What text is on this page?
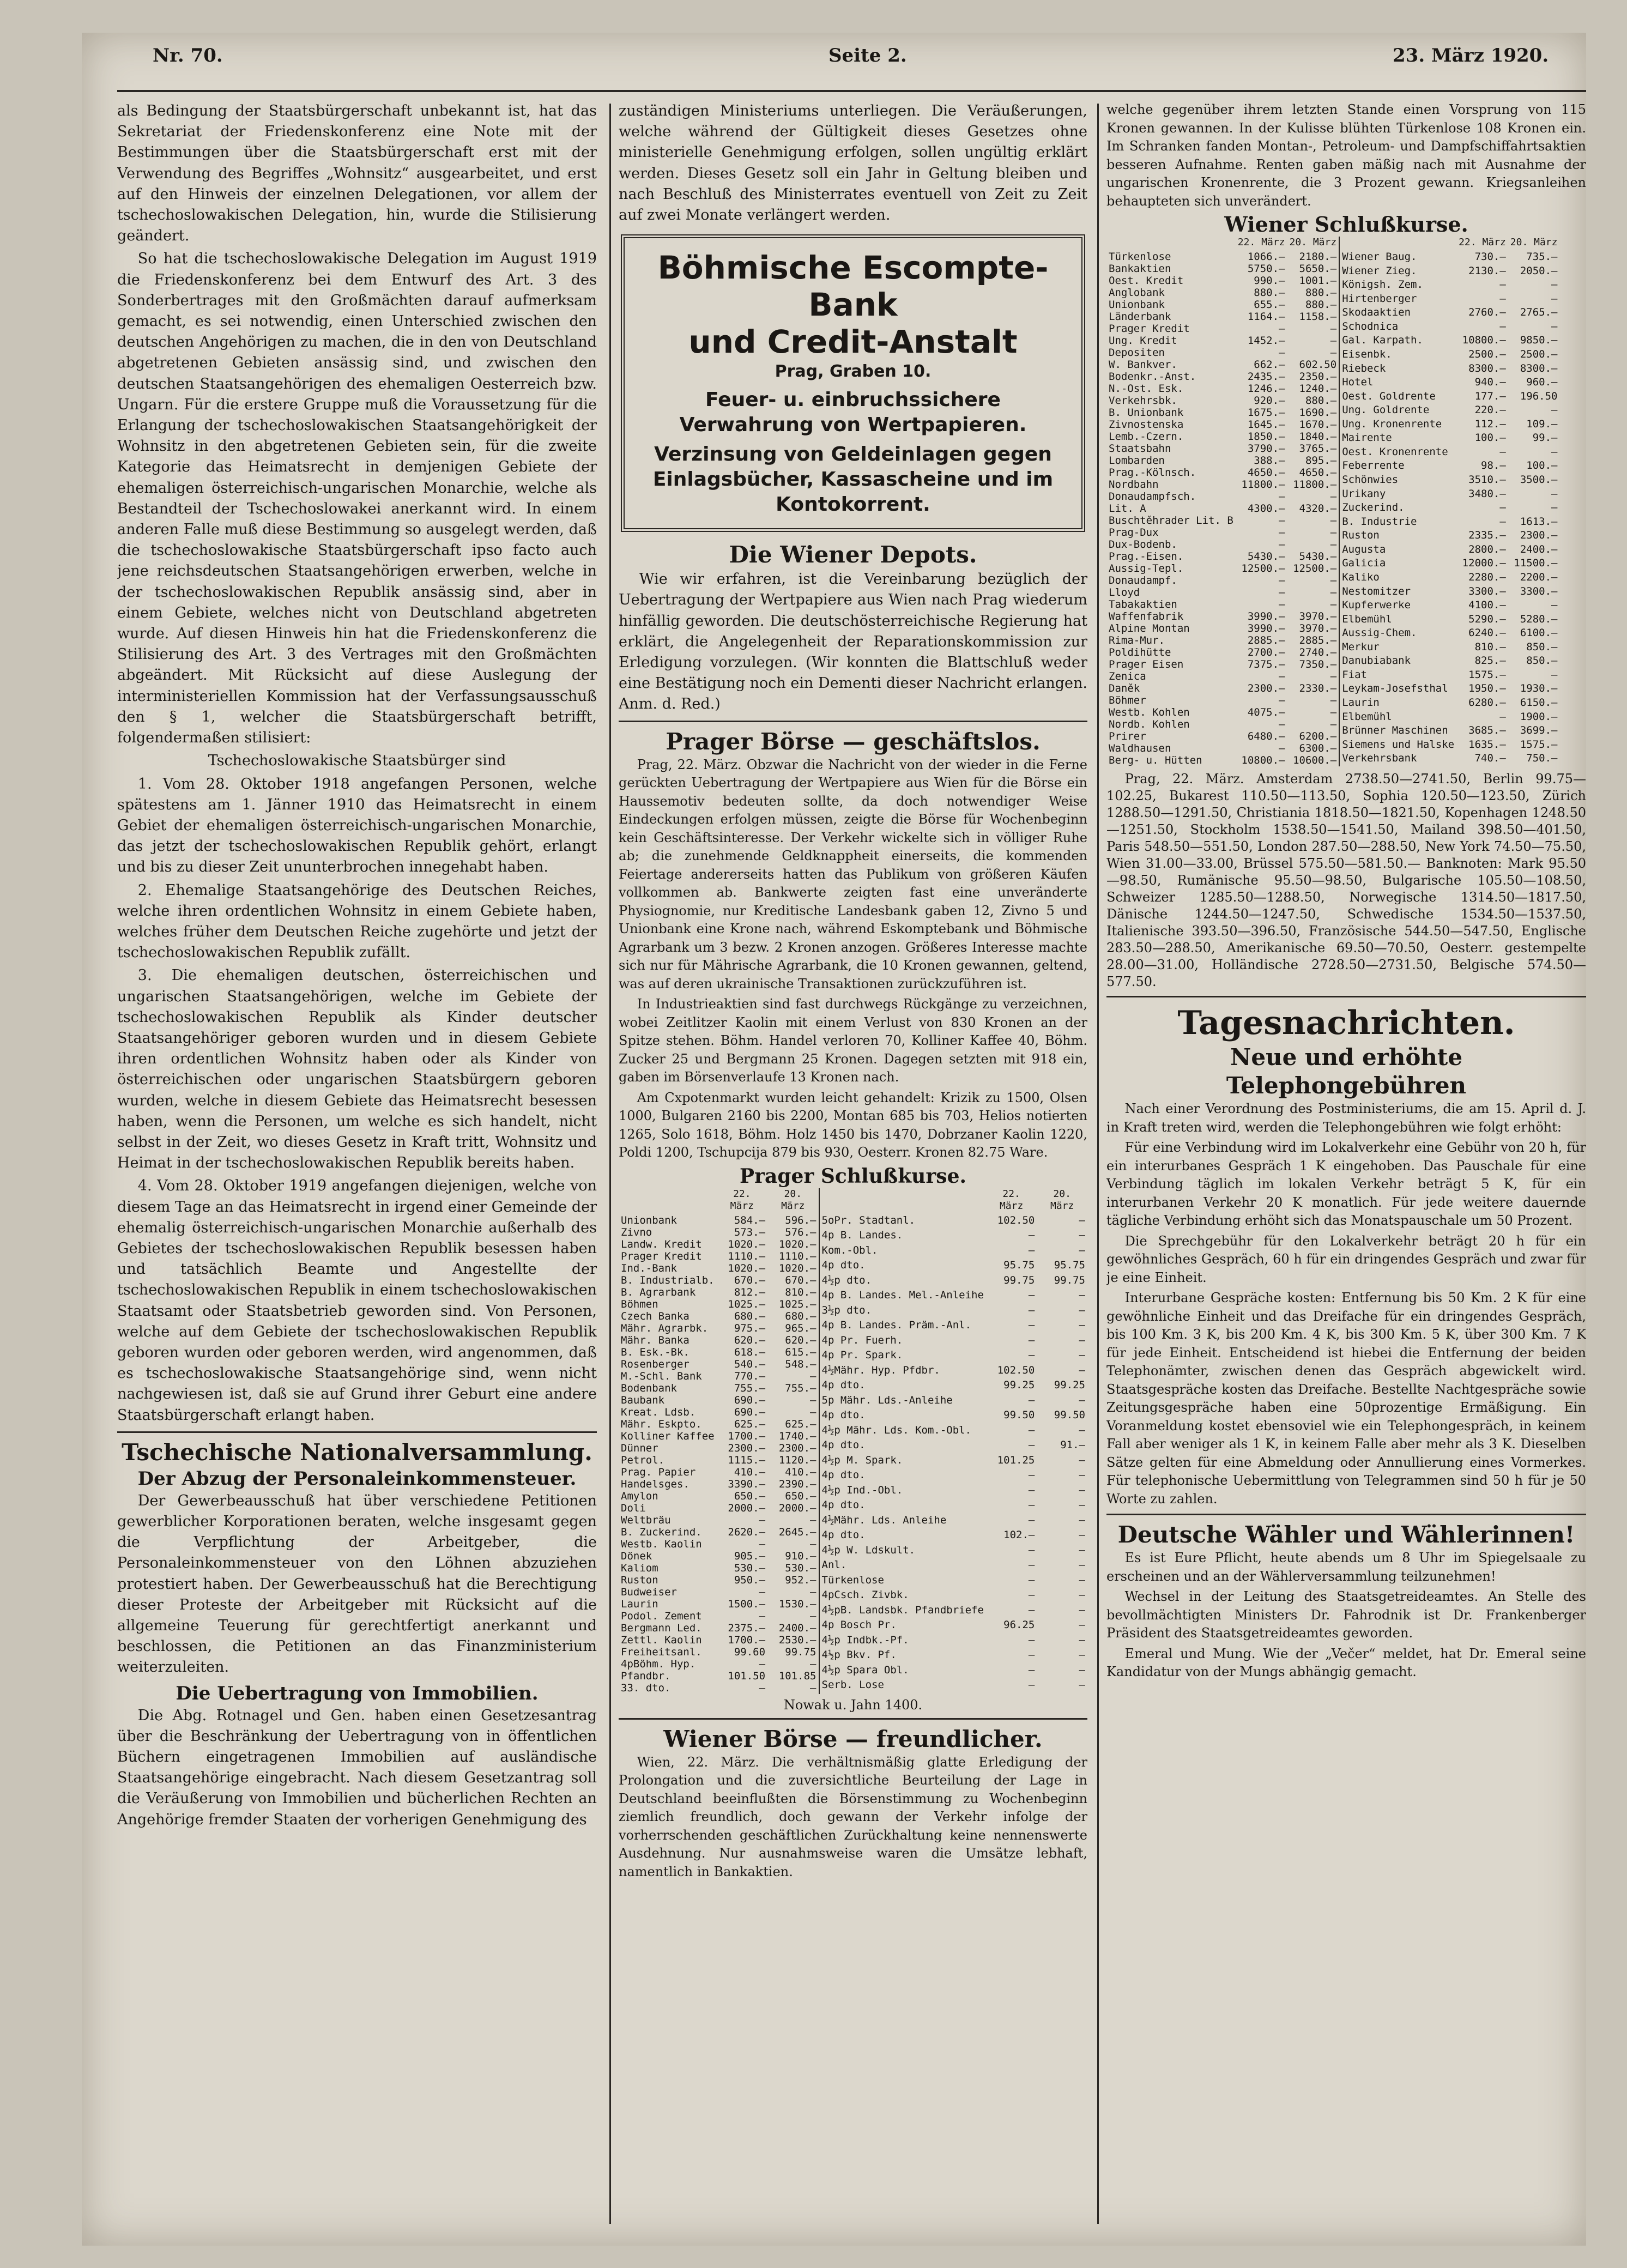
Nr. 70.	Seite 2.	23. März 1920.

als Bedingung der Staatsbürgerschaft unbekannt ist, hat das Sekretariat der Friedenskonferenz eine Note mit der Bestimmungen über die Staatsbürgerschaft erst mit der Verwendung des Begriffes „Wohnsitz“ ausgearbeitet, und erst auf den Hinweis der einzelnen Delegationen, vor allem der tschechoslowakischen Delegation, hin, wurde die Stilisierung geändert.

So hat die tschechoslowakische Delegation im August 1919 die Friedenskonferenz bei dem Entwurf des Art. 3 des Sonderbertrages mit den Großmächten darauf aufmerksam gemacht, es sei notwendig, einen Unterschied zwischen den deutschen Angehörigen zu machen, die in den von Deutschland abgetretenen Gebieten ansässig sind, und zwischen den deutschen Staatsangehörigen des ehemaligen Oesterreich bzw. Ungarn. Für die erstere Gruppe muß die Voraussetzung für die Erlangung der tschechoslowakischen Staatsangehörigkeit der Wohnsitz in den abgetretenen Gebieten sein, für die zweite Kategorie das Heimatsrecht in demjenigen Gebiete der ehemaligen österreichisch-ungarischen Monarchie, welche als Bestandteil der Tschechoslowakei anerkannt wird. In einem anderen Falle muß diese Bestimmung so ausgelegt werden, daß die tschechoslowakische Staatsbürgerschaft ipso facto auch jene reichsdeutschen Staatsangehörigen erwerben, welche in der tschechoslowakischen Republik ansässig sind, aber in einem Gebiete, welches nicht von Deutschland abgetreten wurde. Auf diesen Hinweis hin hat die Friedenskonferenz die Stilisierung des Art. 3 des Vertrages mit den Großmächten abgeändert. Mit Rücksicht auf diese Auslegung der interministeriellen Kommission hat der Verfassungsausschuß den § 1, welcher die Staatsbürgerschaft betrifft, folgendermaßen stilisiert:

Tschechoslowakische Staatsbürger sind

1. Vom 28. Oktober 1918 angefangen Personen, welche spätestens am 1. Jänner 1910 das Heimatsrecht in einem Gebiet der ehemaligen österreichisch-ungarischen Monarchie, das jetzt der tschechoslowakischen Republik gehört, erlangt und bis zu dieser Zeit ununterbrochen innegehabt haben.

2. Ehemalige Staatsangehörige des Deutschen Reiches, welche ihren ordentlichen Wohnsitz in einem Gebiete haben, welches früher dem Deutschen Reiche zugehörte und jetzt der tschechoslowakischen Republik zufällt.

3. Die ehemaligen deutschen, österreichischen und ungarischen Staatsangehörigen, welche im Gebiete der tschechoslowakischen Republik als Kinder deutscher Staatsangehöriger geboren wurden und in diesem Gebiete ihren ordentlichen Wohnsitz haben oder als Kinder von österreichischen oder ungarischen Staatsbürgern geboren wurden, welche in diesem Gebiete das Heimatsrecht besessen haben, wenn die Personen, um welche es sich handelt, nicht selbst in der Zeit, wo dieses Gesetz in Kraft tritt, Wohnsitz und Heimat in der tschechoslowakischen Republik bereits haben.

4. Vom 28. Oktober 1919 angefangen diejenigen, welche von diesem Tage an das Heimatsrecht in irgend einer Gemeinde der ehemalig österreichisch-ungarischen Monarchie außerhalb des Gebietes der tschechoslowakischen Republik besessen haben und tatsächlich Beamte und Angestellte der tschechoslowakischen Republik in einem tschechoslowakischen Staatsamt oder Staatsbetrieb geworden sind. Von Personen, welche auf dem Gebiete der tschechoslowakischen Republik geboren wurden oder geboren werden, wird angenommen, daß es tschechoslowakische Staatsangehörige sind, wenn nicht nachgewiesen ist, daß sie auf Grund ihrer Geburt eine andere Staatsbürgerschaft erlangt haben.

Tschechische Nationalversammlung.
Der Abzug der Personaleinkommensteuer.

Der Gewerbeausschuß hat über verschiedene Petitionen gewerblicher Korporationen beraten, welche insgesamt gegen die Verpflichtung der Arbeitgeber, die Personaleinkommensteuer von den Löhnen abzuziehen protestiert haben. Der Gewerbeausschuß hat die Berechtigung dieser Proteste der Arbeitgeber mit Rücksicht auf die allgemeine Teuerung für gerechtfertigt anerkannt und beschlossen, die Petitionen an das Finanzministerium weiterzuleiten.

Die Uebertragung von Immobilien.

Die Abg. Rotnagel und Gen. haben einen Gesetzesantrag über die Beschränkung der Uebertragung von in öffentlichen Büchern eingetragenen Immobilien auf ausländische Staatsangehörige eingebracht. Nach diesem Gesetzantrag soll die Veräußerung von Immobilien und bücherlichen Rechten an Angehörige fremder Staaten der vorherigen Genehmigung des

zuständigen Ministeriums unterliegen. Die Veräußerungen, welche während der Gültigkeit dieses Gesetzes ohne ministerielle Genehmigung erfolgen, sollen ungültig erklärt werden. Dieses Gesetz soll ein Jahr in Geltung bleiben und nach Beschluß des Ministerrates eventuell von Zeit zu Zeit auf zwei Monate verlängert werden.

Böhmische Escompte-Bank
und Credit-Anstalt
Prag, Graben 10.
Feuer- u. einbruchssichere Verwahrung von Wertpapieren.
Verzinsung von Geldeinlagen gegen Einlagsbücher, Kassascheine und im Kontokorrent.
Die Wiener Depots.

Wie wir erfahren, ist die Vereinbarung bezüglich der Uebertragung der Wertpapiere aus Wien nach Prag wiederum hinfällig geworden. Die deutschösterreichische Regierung hat erklärt, die Angelegenheit der Reparationskommission zur Erledigung vorzulegen. (Wir konnten die Blattschluß weder eine Bestätigung noch ein Dementi dieser Nachricht erlangen. Anm. d. Red.)

Prager Börse — geschäftslos.

Prag, 22. März. Obzwar die Nachricht von der wieder in die Ferne gerückten Uebertragung der Wertpapiere aus Wien für die Börse ein Haussemotiv bedeuten sollte, da doch notwendiger Weise Eindeckungen erfolgen müssen, zeigte die Börse für Wochenbeginn kein Geschäftsinteresse. Der Verkehr wickelte sich in völliger Ruhe ab; die zunehmende Geldknappheit einerseits, die kommenden Feiertage andererseits hatten das Publikum von größeren Käufen vollkommen ab. Bankwerte zeigten fast eine unveränderte Physiognomie, nur Kreditische Landesbank gaben 12, Zivno 5 und Unionbank eine Krone nach, während Eskomptebank und Böhmische Agrarbank um 3 bezw. 2 Kronen anzogen. Größeres Interesse machte sich nur für Mährische Agrarbank, die 10 Kronen gewannen, geltend, was auf deren ukrainische Transaktionen zurückzuführen ist.

In Industrieaktien sind fast durchwegs Rückgänge zu verzeichnen, wobei Zeitlitzer Kaolin mit einem Verlust von 830 Kronen an der Spitze stehen. Böhm. Handel verloren 70, Kolliner Kaffee 40, Böhm. Zucker 25 und Bergmann 25 Kronen. Dagegen setzten mit 918 ein, gaben im Börsenverlaufe 13 Kronen nach.

Am Cxpotenmarkt wurden leicht gehandelt: Krizik zu 1500, Olsen 1000, Bulgaren 2160 bis 2200, Montan 685 bis 703, Helios notierten 1265, Solo 1618, Böhm. Holz 1450 bis 1470, Dobrzaner Kaolin 1220, Poldi 1200, Tschupcija 879 bis 930, Oesterr. Kronen 82.75 Ware.

Prager Schlußkurse.
	22. März	20. März
Unionbank	584.—	596.—
Zivno	573.—	576.—
Landw. Kredit	1020.—	1020.—
Prager Kredit	1110.—	1110.—
Ind.-Bank	1020.—	1020.—
B. Industrialb.	670.—	670.—
B. Agrarbank	812.—	810.—
Böhmen	1025.—	1025.—
Czech Banka	680.—	680.—
Mähr. Agrarbk.	975.—	965.—
Mähr. Banka	620.—	620.—
B. Esk.-Bk.	618.—	615.—
Rosenberger	540.—	548.—
M.-Schl. Bank	770.—	—
Bodenbank	755.—	755.—
Baubank	690.—	—
Kreat. Ldsb.	690.—	—
Mähr. Eskpto.	625.—	625.—
Kolliner Kaffee	1700.—	1740.—
Dünner	2300.—	2300.—
Petrol.	1115.—	1120.—
Prag. Papier	410.—	410.—
Handelsges.	3390.—	2390.—
Amylon	650.—	650.—
Doli	2000.—	2000.—
Weltbräu	—	—
B. Zuckerind.	2620.—	2645.—
Westb. Kaolin	—	—
Dönek	905.—	910.—
Kaliom	530.—	530.—
Ruston	950.—	952.—
Budweiser	—	—
Laurin	1500.—	1530.—
Podol. Zement	—	—
Bergmann Led.	2375.—	2400.—
Zettl. Kaolin	1700.—	2530.—
Freiheitsanl.	99.60	99.75
4pBöhm. Hyp.	—	—
Pfandbr.	101.50	101.85
33. dto.	—	—
	22. März	20. März
5oPr. Stadtanl.	102.50	—
4p B. Landes.	—	—
Kom.-Obl.	—	—
4p dto.	95.75	95.75
4½p dto.	99.75	99.75
4p B. Landes. Mel.-Anleihe	—	—
3½p dto.	—	—
4p B. Landes. Präm.-Anl.	—	—
4p Pr. Fuerh.	—	—
4p Pr. Spark.	—	—
4½Mähr. Hyp. Pfdbr.	102.50	—
4p dto.	99.25	99.25
5p Mähr. Lds.-Anleihe	—	—
4p dto.	99.50	99.50
4½p Mähr. Lds. Kom.-Obl.	—	—
4p dto.	—	91.—
4½p M. Spark.	101.25	—
4p dto.	—	—
4½p Ind.-Obl.	—	—
4p dto.	—	—
4½Mähr. Lds. Anleihe	—	—
4p dto.	102.—	—
4½p W. Ldskult.	—	—
Anl.	—	—
Türkenlose	—	—
4pCsch. Zivbk.	—	—
4½pB. Landsbk. Pfandbriefe	—	—
4p Bosch Pr.	96.25	—
4½p Indbk.-Pf.	—	—
4½p Bkv. Pf.	—	—
4½p Spara Obl.	—	—
Serb. Lose	—	—
Nowak u. Jahn 1400.
Wiener Börse — freundlicher.

Wien, 22. März. Die verhältnismäßig glatte Erledigung der Prolongation und die zuversichtliche Beurteilung der Lage in Deutschland beeinflußten die Börsenstimmung zu Wochenbeginn ziemlich freundlich, doch gewann der Verkehr infolge der vorherrschenden geschäftlichen Zurückhaltung keine nennenswerte Ausdehnung. Nur ausnahmsweise waren die Umsätze lebhaft, namentlich in Bankaktien.

welche gegenüber ihrem letzten Stande einen Vorsprung von 115 Kronen gewannen. In der Kulisse blühten Türkenlose 108 Kronen ein. Im Schranken fanden Montan-, Petroleum- und Dampfschiffahrtsaktien besseren Aufnahme. Renten gaben mäßig nach mit Ausnahme der ungarischen Kronenrente, die 3 Prozent gewann. Kriegsanleihen behaupteten sich unverändert.

Wiener Schlußkurse.
	22. März	20. März
Türkenlose	1066.—	2180.—
Bankaktien	5750.—	5650.—
Oest. Kredit	990.—	1001.—
Anglobank	880.—	880.—
Unionbank	655.—	880.—
Länderbank	1164.—	1158.—
Prager Kredit	—	—
Ung. Kredit	1452.—	—
Depositen	—	—
W. Bankver.	662.—	602.50
Bodenkr.-Anst.	2435.—	2350.—
N.-Ost. Esk.	1246.—	1240.—
Verkehrsbk.	920.—	880.—
B. Unionbank	1675.—	1690.—
Zivnostenska	1645.—	1670.—
Lemb.-Czern.	1850.—	1840.—
Staatsbahn	3790.—	3765.—
Lombarden	388.—	895.—
Prag.-Kölnsch.	4650.—	4650.—
Nordbahn	11800.—	11800.—
Donaudampfsch.	—	—
Lit. A	4300.—	4320.—
Buschtěhrader Lit. B	—	—
Prag-Dux	—	—
Dux-Bodenb.	—	—
Prag.-Eisen.	5430.—	5430.—
Aussig-Tepl.	12500.—	12500.—
Donaudampf.	—	—
Lloyd	—	—
Tabakaktien	—	—
Waffenfabrik	3990.—	3970.—
Alpine Montan	3990.—	3970.—
Rima-Mur.	2885.—	2885.—
Poldihütte	2700.—	2740.—
Prager Eisen	7375.—	7350.—
Zenica	—	—
Daněk	2300.—	2330.—
Böhmer	—	—
Westb. Kohlen	4075.—	—
Nordb. Kohlen	—	—
Prirer	6480.—	6200.—
Waldhausen	—	6300.—
Berg- u. Hütten	10800.—	10600.—
	22. März	20. März
Wiener Baug.	730.—	735.—
Wiener Zieg.	2130.—	2050.—
Königsh. Zem.	—	—
Hirtenberger	—	—
Skodaaktien	2760.—	2765.—
Schodnica	—	—
Gal. Karpath.	10800.—	9850.—
Eisenbk.	2500.—	2500.—
Riebeck	8300.—	8300.—
Hotel	940.—	960.—
Oest. Goldrente	177.—	196.50
Ung. Goldrente	220.—	—
Ung. Kronenrente	112.—	109.—
Mairente	100.—	99.—
Oest. Kronenrente	—	—
Feberrente	98.—	100.—
Schönwies	3510.—	3500.—
Urikany	3480.—	—
Zuckerind.	—	—
B. Industrie	—	1613.—
Ruston	2335.—	2300.—
Augusta	2800.—	2400.—
Galicia	12000.—	11500.—
Kaliko	2280.—	2200.—
Nestomitzer	3300.—	3300.—
Kupferwerke	4100.—	—
Elbemühl	5290.—	5280.—
Aussig-Chem.	6240.—	6100.—
Merkur	810.—	850.—
Danubiabank	825.—	850.—
Fiat	1575.—	—
Leykam-Josefsthal	1950.—	1930.—
Laurin	6280.—	6150.—
Elbemühl	—	1900.—
Brünner Maschinen	3685.—	3699.—
Siemens und Halske	1635.—	1575.—
Verkehrsbank	740.—	750.—

Prag, 22. März. Amsterdam 2738.50—2741.50, Berlin 99.75—102.25, Bukarest 110.50—113.50, Sophia 120.50—123.50, Zürich 1288.50—1291.50, Christiania 1818.50—1821.50, Kopenhagen 1248.50—1251.50, Stockholm 1538.50—1541.50, Mailand 398.50—401.50, Paris 548.50—551.50, London 287.50—288.50, New York 74.50—75.50, Wien 31.00—33.00, Brüssel 575.50—581.50.— Banknoten: Mark 95.50—98.50, Rumänische 95.50—98.50, Bulgarische 105.50—108.50, Schweizer 1285.50—1288.50, Norwegische 1314.50—1817.50, Dänische 1244.50—1247.50, Schwedische 1534.50—1537.50, Italienische 393.50—396.50, Französische 544.50—547.50, Englische 283.50—288.50, Amerikanische 69.50—70.50, Oesterr. gestempelte 28.00—31.00, Holländische 2728.50—2731.50, Belgische 574.50—577.50.

Tagesnachrichten.
Neue und erhöhte Telephongebühren

Nach einer Verordnung des Postministeriums, die am 15. April d. J. in Kraft treten wird, werden die Telephongebühren wie folgt erhöht:

Für eine Verbindung wird im Lokalverkehr eine Gebühr von 20 h, für ein interurbanes Gespräch 1 K eingehoben. Das Pauschale für eine Verbindung täglich im lokalen Verkehr beträgt 5 K, für ein interurbanen Verkehr 20 K monatlich. Für jede weitere dauernde tägliche Verbindung erhöht sich das Monatspauschale um 50 Prozent.

Die Sprechgebühr für den Lokalverkehr beträgt 20 h für ein gewöhnliches Gespräch, 60 h für ein dringendes Gespräch und zwar für je eine Einheit.

Interurbane Gespräche kosten: Entfernung bis 50 Km. 2 K für eine gewöhnliche Einheit und das Dreifache für ein dringendes Gespräch, bis 100 Km. 3 K, bis 200 Km. 4 K, bis 300 Km. 5 K, über 300 Km. 7 K für jede Einheit. Entscheidend ist hiebei die Entfernung der beiden Telephonämter, zwischen denen das Gespräch abgewickelt wird. Staatsgespräche kosten das Dreifache. Bestellte Nachtgespräche sowie Zeitungsgespräche haben eine 50prozentige Ermäßigung. Ein Voranmeldung kostet ebensoviel wie ein Telephongespräch, in keinem Fall aber weniger als 1 K, in keinem Falle aber mehr als 3 K. Dieselben Sätze gelten für eine Abmeldung oder Annullierung eines Vormerkes. Für telephonische Uebermittlung von Telegrammen sind 50 h für je 50 Worte zu zahlen.

Deutsche Wähler und Wählerinnen!

Es ist Eure Pflicht, heute abends um 8 Uhr im Spiegelsaale zu erscheinen und an der Wählerversammlung teilzunehmen!

Wechsel in der Leitung des Staatsgetreideamtes. An Stelle des bevollmächtigten Ministers Dr. Fahrodnik ist Dr. Frankenberger Präsident des Staatsgetreideamtes geworden.

Emeral und Mung. Wie der „Večer“ meldet, hat Dr. Emeral seine Kandidatur von der Mungs abhängig gemacht.
